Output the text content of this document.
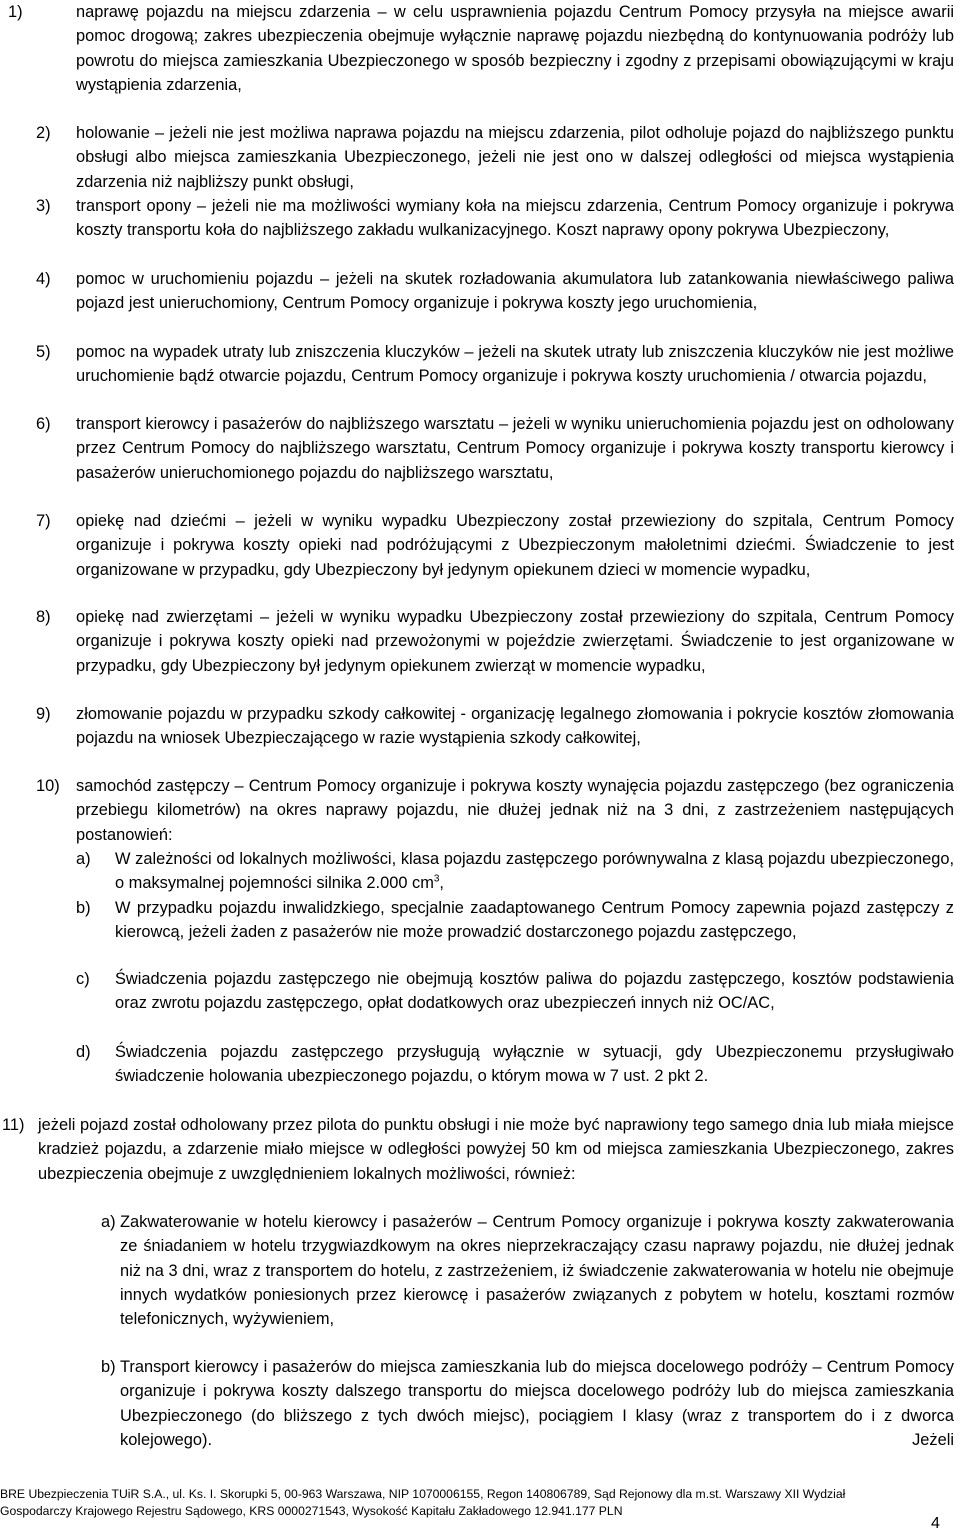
1)	naprawę pojazdu na miejscu zdarzenia – w celu usprawnienia pojazdu Centrum Pomocy przysyła na miejsce awarii pomoc drogową; zakres ubezpieczenia obejmuje wyłącznie naprawę pojazdu niezbędną do kontynuowania podróży lub powrotu do miejsca zamieszkania Ubezpieczonego w sposób bezpieczny i zgodny z przepisami obowiązującymi w kraju wystąpienia zdarzenia,
2) holowanie – jeżeli nie jest możliwa naprawa pojazdu na miejscu zdarzenia, pilot odholuje pojazd do najbliższego punktu obsługi albo miejsca zamieszkania Ubezpieczonego, jeżeli nie jest ono w dalszej odległości od miejsca wystąpienia zdarzenia niż najbliższy punkt obsługi,
3) transport opony – jeżeli nie ma możliwości wymiany koła na miejscu zdarzenia, Centrum Pomocy organizuje i pokrywa koszty transportu koła do najbliższego zakładu wulkanizacyjnego. Koszt naprawy opony pokrywa Ubezpieczony,
4) pomoc w uruchomieniu pojazdu – jeżeli na skutek rozładowania akumulatora lub zatankowania niewłaściwego paliwa pojazd jest unieruchomiony, Centrum Pomocy organizuje i pokrywa koszty jego uruchomienia,
5) pomoc na wypadek utraty lub zniszczenia kluczyków – jeżeli na skutek utraty lub zniszczenia kluczyków nie jest możliwe uruchomienie bądź otwarcie pojazdu, Centrum Pomocy organizuje i pokrywa koszty uruchomienia / otwarcia pojazdu,
6) transport kierowcy i pasażerów do najbliższego warsztatu – jeżeli w wyniku unieruchomienia pojazdu jest on odholowany przez Centrum Pomocy do najbliższego warsztatu, Centrum Pomocy organizuje i pokrywa koszty transportu kierowcy i pasażerów unieruchomionego pojazdu do najbliższego warsztatu,
7) opiekę nad dziećmi – jeżeli w wyniku wypadku Ubezpieczony został przewieziony do szpitala, Centrum Pomocy organizuje i pokrywa koszty opieki nad podróżującymi z Ubezpieczonym małoletnimi dziećmi. Świadczenie to jest organizowane w przypadku, gdy Ubezpieczony był jedynym opiekunem dzieci w momencie wypadku,
8) opiekę nad zwierzętami – jeżeli w wyniku wypadku Ubezpieczony został przewieziony do szpitala, Centrum Pomocy organizuje i pokrywa koszty opieki nad przewożonymi w pojeździe zwierzętami. Świadczenie to jest organizowane w przypadku, gdy Ubezpieczony był jedynym opiekunem zwierząt w momencie wypadku,
9) złomowanie pojazdu w przypadku szkody całkowitej - organizację legalnego złomowania i pokrycie kosztów złomowania pojazdu na wniosek Ubezpieczającego w razie wystąpienia szkody całkowitej,
10) samochód zastępczy – Centrum Pomocy organizuje i pokrywa koszty wynajęcia pojazdu zastępczego (bez ograniczenia przebiegu kilometrów) na okres naprawy pojazdu, nie dłużej jednak niż na 3 dni, z zastrzeżeniem następujących postanowień:
a) W zależności od lokalnych możliwości, klasa pojazdu zastępczego porównywalna z klasą pojazdu ubezpieczonego, o maksymalnej pojemności silnika 2.000 $cm^3$,
b) W przypadku pojazdu inwalidzkiego, specjalnie zaadaptowanego Centrum Pomocy zapewnia pojazd zastępczy z kierowcą, jeżeli żaden z pasażerów nie może prowadzić dostarczonego pojazdu zastępczego,
c) Świadczenia pojazdu zastępczego nie obejmują kosztów paliwa do pojazdu zastępczego, kosztów podstawienia oraz zwrotu pojazdu zastępczego, opłat dodatkowych oraz ubezpieczeń innych niż OC/AC,
d) Świadczenia pojazdu zastępczego przysługują wyłącznie w sytuacji, gdy Ubezpieczonemu przysługiwało świadczenie holowania ubezpieczonego pojazdu, o którym mowa w 7 ust. 2 pkt 2.
11) jeżeli pojazd został odholowany przez pilota do punktu obsługi i nie może być naprawiony tego samego dnia lub miała miejsce kradzież pojazdu, a zdarzenie miało miejsce w odległości powyżej 50 km od miejsca zamieszkania Ubezpieczonego, zakres ubezpieczenia obejmuje z uwzględnieniem lokalnych możliwości, również:
a) Zakwaterowanie w hotelu kierowcy i pasażerów – Centrum Pomocy organizuje i pokrywa koszty zakwaterowania ze śniadaniem w hotelu trzygwiazdkowym na okres nieprzekraczający czasu naprawy pojazdu, nie dłużej jednak niż na 3 dni, wraz z transportem do hotelu, z zastrzeżeniem, iż świadczenie zakwaterowania w hotelu nie obejmuje innych wydatków poniesionych przez kierowcę i pasażerów związanych z pobytem w hotelu, kosztami rozmów telefonicznych, wyżywieniem,
b) Transport kierowcy i pasażerów do miejsca zamieszkania lub do miejsca docelowego podróży – Centrum Pomocy organizuje i pokrywa koszty dalszego transportu do miejsca docelowego podróży lub do miejsca zamieszkania Ubezpieczonego (do bliższego z tych dwóch miejsc), pociągiem I klasy (wraz z transportem do i z dworca kolejowego). Jeżeli
BRE Ubezpieczenia TUiR S.A., ul. Ks. I. Skorupki 5, 00-963 Warszawa, NIP 1070006155, Regon 140806789, Sąd Rejonowy dla m.st. Warszawy XII Wydział
Gospodarczy Krajowego Rejestru Sądowego, KRS 0000271543, Wysokość Kapitału Zakładowego 12.941.177 PLN
4
